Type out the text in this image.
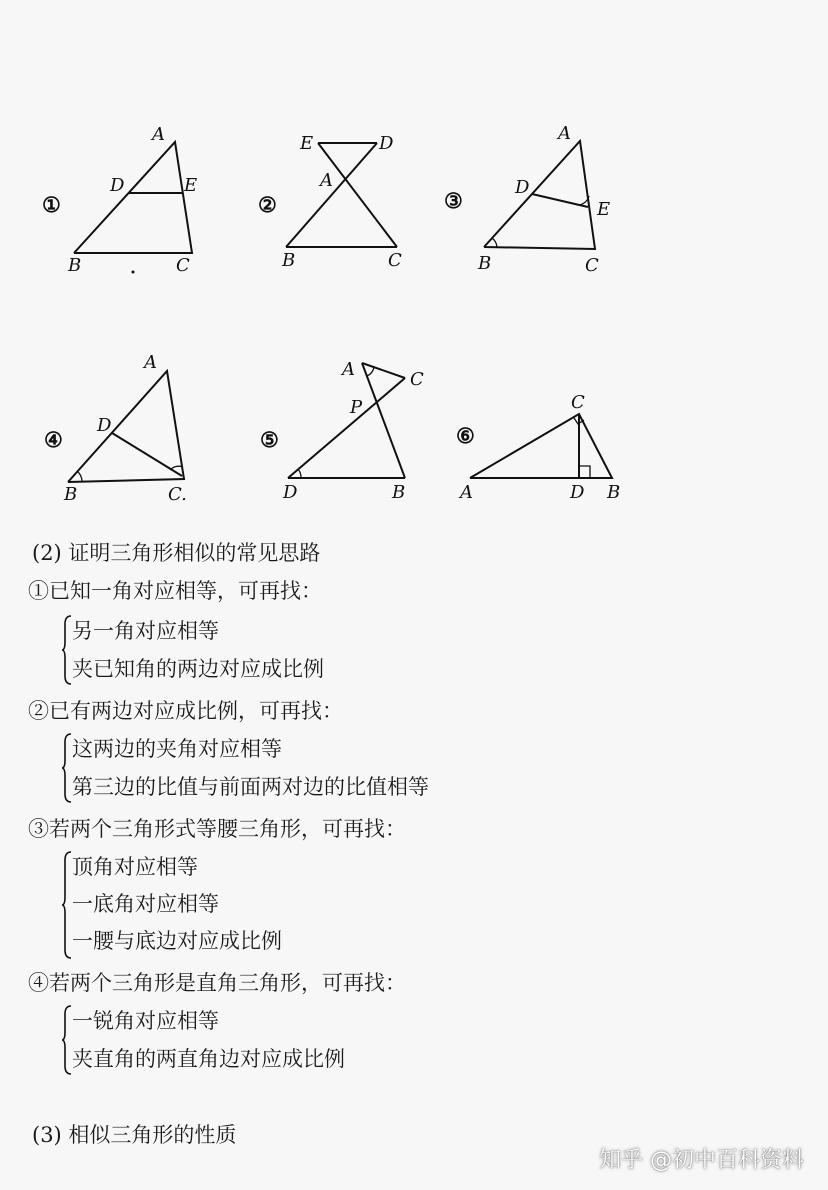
①
A
D	E
B	C
②
E	D
A
B	C
③
A
D
E
B	C
④
A
D
B	C.
⑤
A	C
P
D	B
⑥
C
A	D B
(2) 证明三角形相似的常见思路
①已知一角对应相等，可再找：
另一角对应相等
夹已知角的两边对应成比例
②已有两边对应成比例，可再找：
这两边的夹角对应相等
第三边的比值与前面两对边的比值相等
③若两个三角形式等腰三角形，可再找：
顶角对应相等
一底角对应相等
一腰与底边对应成比例
④若两个三角形是直角三角形，可再找：
一锐角对应相等
夹直角的两直角边对应成比例
(3) 相似三角形的性质
知乎 @初中百科资料
